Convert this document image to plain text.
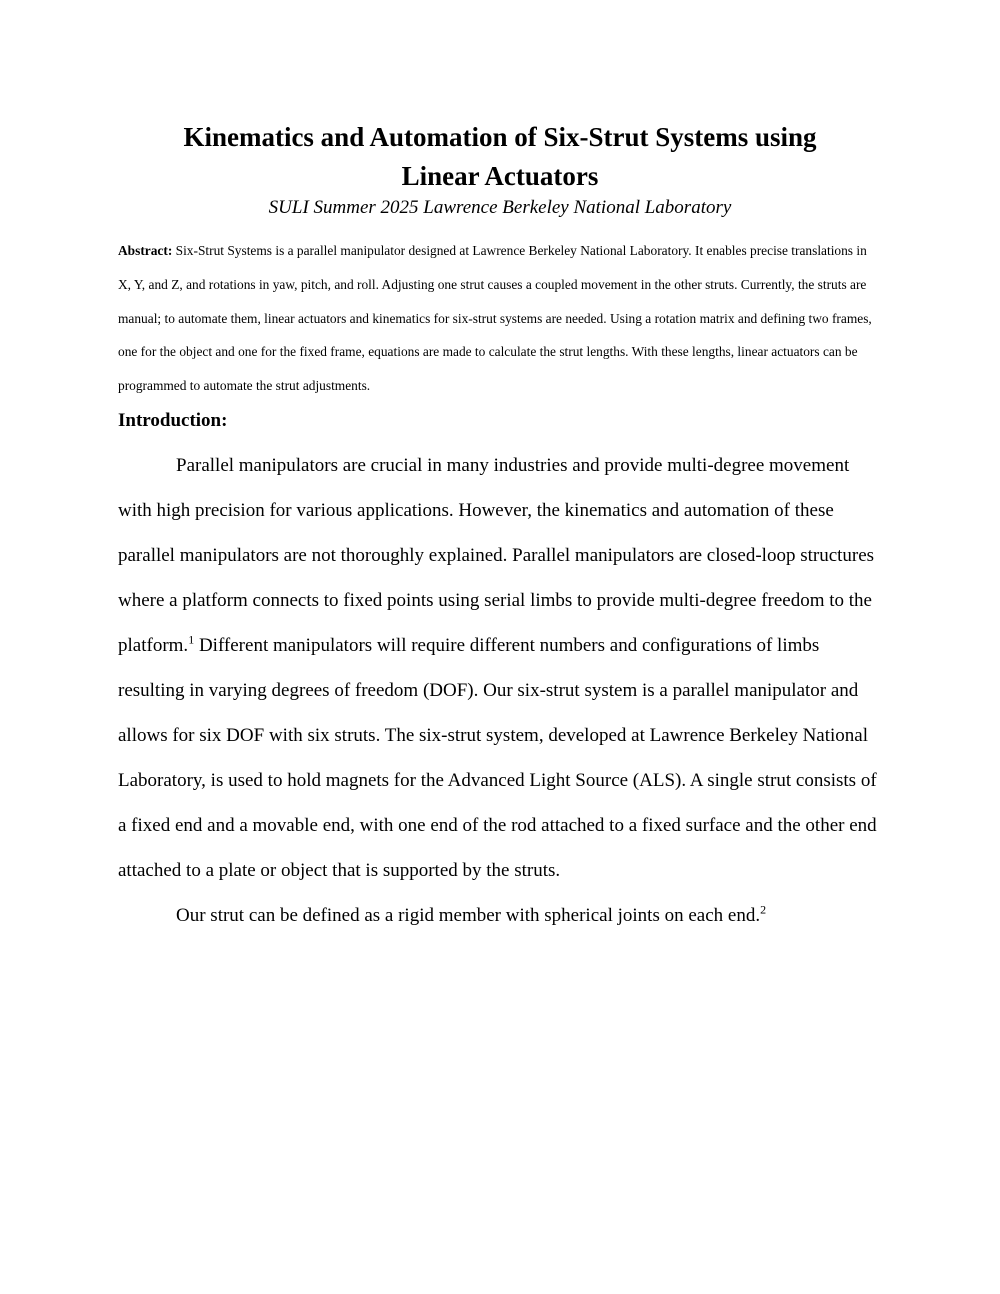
Kinematics and Automation of Six-Strut Systems using
Linear Actuators

SULI Summer 2025 Lawrence Berkeley National Laboratory

Abstract: Six-Strut Systems is a parallel manipulator designed at Lawrence Berkeley National Laboratory. It enables precise translations in X, Y, and Z, and rotations in yaw, pitch, and roll. Adjusting one strut causes a coupled movement in the other struts. Currently, the struts are manual; to automate them, linear actuators and kinematics for six-strut systems are needed. Using a rotation matrix and defining two frames, one for the object and one for the fixed frame, equations are made to calculate the strut lengths. With these lengths, linear actuators can be programmed to automate the strut adjustments.

Introduction:

Parallel manipulators are crucial in many industries and provide multi-degree movement with high precision for various applications. However, the kinematics and automation of these parallel manipulators are not thoroughly explained. Parallel manipulators are closed-loop structures where a platform connects to fixed points using serial limbs to provide multi-degree freedom to the platform.$^1$ Different manipulators will require different numbers and configurations of limbs resulting in varying degrees of freedom (DOF). Our six-strut system is a parallel manipulator and allows for six DOF with six struts. The six-strut system, developed at Lawrence Berkeley National Laboratory, is used to hold magnets for the Advanced Light Source (ALS). A single strut consists of a fixed end and a movable end, with one end of the rod attached to a fixed surface and the other end attached to a plate or object that is supported by the struts.

Our strut can be defined as a rigid member with spherical joints on each end.$^2$
